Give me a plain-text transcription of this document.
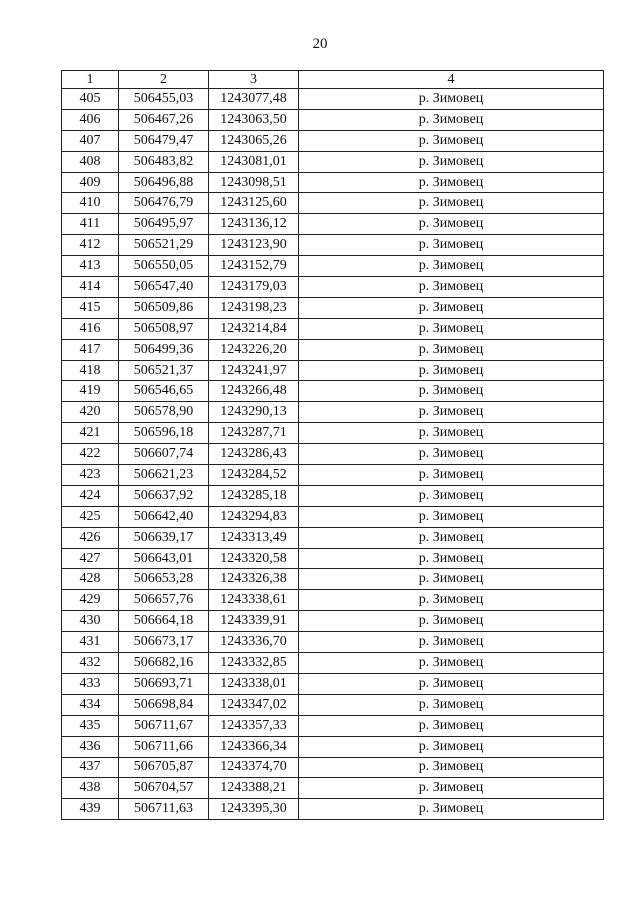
20
1	2	3	4
405	506455,03	1243077,48	р. Зимовец
406	506467,26	1243063,50	р. Зимовец
407	506479,47	1243065,26	р. Зимовец
408	506483,82	1243081,01	р. Зимовец
409	506496,88	1243098,51	р. Зимовец
410	506476,79	1243125,60	р. Зимовец
411	506495,97	1243136,12	р. Зимовец
412	506521,29	1243123,90	р. Зимовец
413	506550,05	1243152,79	р. Зимовец
414	506547,40	1243179,03	р. Зимовец
415	506509,86	1243198,23	р. Зимовец
416	506508,97	1243214,84	р. Зимовец
417	506499,36	1243226,20	р. Зимовец
418	506521,37	1243241,97	р. Зимовец
419	506546,65	1243266,48	р. Зимовец
420	506578,90	1243290,13	р. Зимовец
421	506596,18	1243287,71	р. Зимовец
422	506607,74	1243286,43	р. Зимовец
423	506621,23	1243284,52	р. Зимовец
424	506637,92	1243285,18	р. Зимовец
425	506642,40	1243294,83	р. Зимовец
426	506639,17	1243313,49	р. Зимовец
427	506643,01	1243320,58	р. Зимовец
428	506653,28	1243326,38	р. Зимовец
429	506657,76	1243338,61	р. Зимовец
430	506664,18	1243339,91	р. Зимовец
431	506673,17	1243336,70	р. Зимовец
432	506682,16	1243332,85	р. Зимовец
433	506693,71	1243338,01	р. Зимовец
434	506698,84	1243347,02	р. Зимовец
435	506711,67	1243357,33	р. Зимовец
436	506711,66	1243366,34	р. Зимовец
437	506705,87	1243374,70	р. Зимовец
438	506704,57	1243388,21	р. Зимовец
439	506711,63	1243395,30	р. Зимовец
